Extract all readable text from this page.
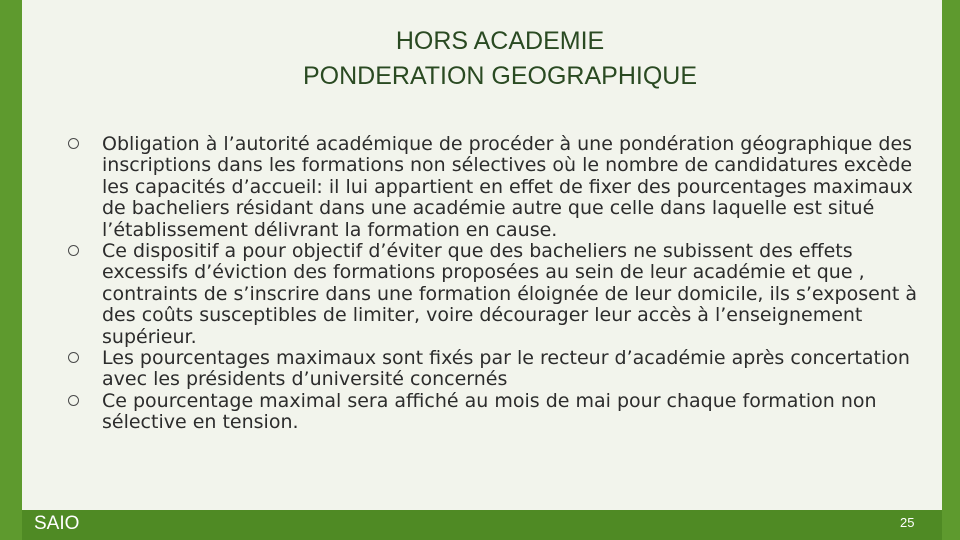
HORS ACADEMIE
PONDERATION GEOGRAPHIQUE
Obligation à l’autorité académique de procéder à une pondération géographique des inscriptions dans les formations non sélectives où le nombre de candidatures excède les capacités d’accueil: il lui appartient en effet de fixer des pourcentages maximaux de bacheliers résidant dans une académie autre que celle dans laquelle est situé l’établissement délivrant la formation en cause.
Ce dispositif a pour objectif d’éviter que des bacheliers ne subissent des effets excessifs d’éviction des formations proposées au sein de leur académie et que , contraints de s’inscrire dans une formation éloignée de leur domicile, ils s’exposent à des coûts susceptibles de limiter, voire décourager leur accès à l’enseignement supérieur.
Les pourcentages maximaux sont fixés par le recteur d’académie après concertation avec les présidents d’université concernés
Ce pourcentage maximal sera affiché au mois de mai pour chaque formation non sélective en tension.
SAIO	25
